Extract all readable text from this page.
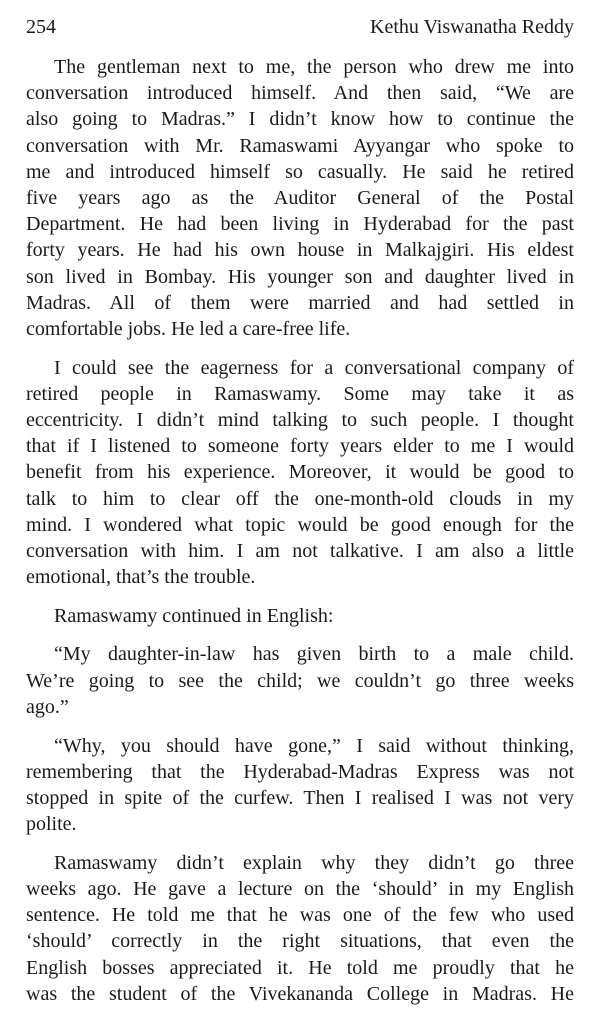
254	Kethu Viswanatha Reddy

The gentleman next to me, the person who drew me into
conversation introduced himself. And then said, “We are
also going to Madras.” I didn’t know how to continue the
conversation with Mr. Ramaswami Ayyangar who spoke to
me and introduced himself so casually. He said he retired
five years ago as the Auditor General of the Postal
Department. He had been living in Hyderabad for the past
forty years. He had his own house in Malkajgiri. His eldest
son lived in Bombay. His younger son and daughter lived in
Madras. All of them were married and had settled in
comfortable jobs. He led a care-free life.

I could see the eagerness for a conversational company of
retired people in Ramaswamy. Some may take it as
eccentricity. I didn’t mind talking to such people. I thought
that if I listened to someone forty years elder to me I would
benefit from his experience. Moreover, it would be good to
talk to him to clear off the one-month-old clouds in my
mind. I wondered what topic would be good enough for the
conversation with him. I am not talkative. I am also a little
emotional, that’s the trouble.

Ramaswamy continued in English:

“My daughter-in-law has given birth to a male child.
We’re going to see the child; we couldn’t go three weeks
ago.”

“Why, you should have gone,” I said without thinking,
remembering that the Hyderabad-Madras Express was not
stopped in spite of the curfew. Then I realised I was not very
polite.

Ramaswamy didn’t explain why they didn’t go three
weeks ago. He gave a lecture on the ‘should’ in my English
sentence. He told me that he was one of the few who used
‘should’ correctly in the right situations, that even the
English bosses appreciated it. He told me proudly that he
was the student of the Vivekananda College in Madras. He
